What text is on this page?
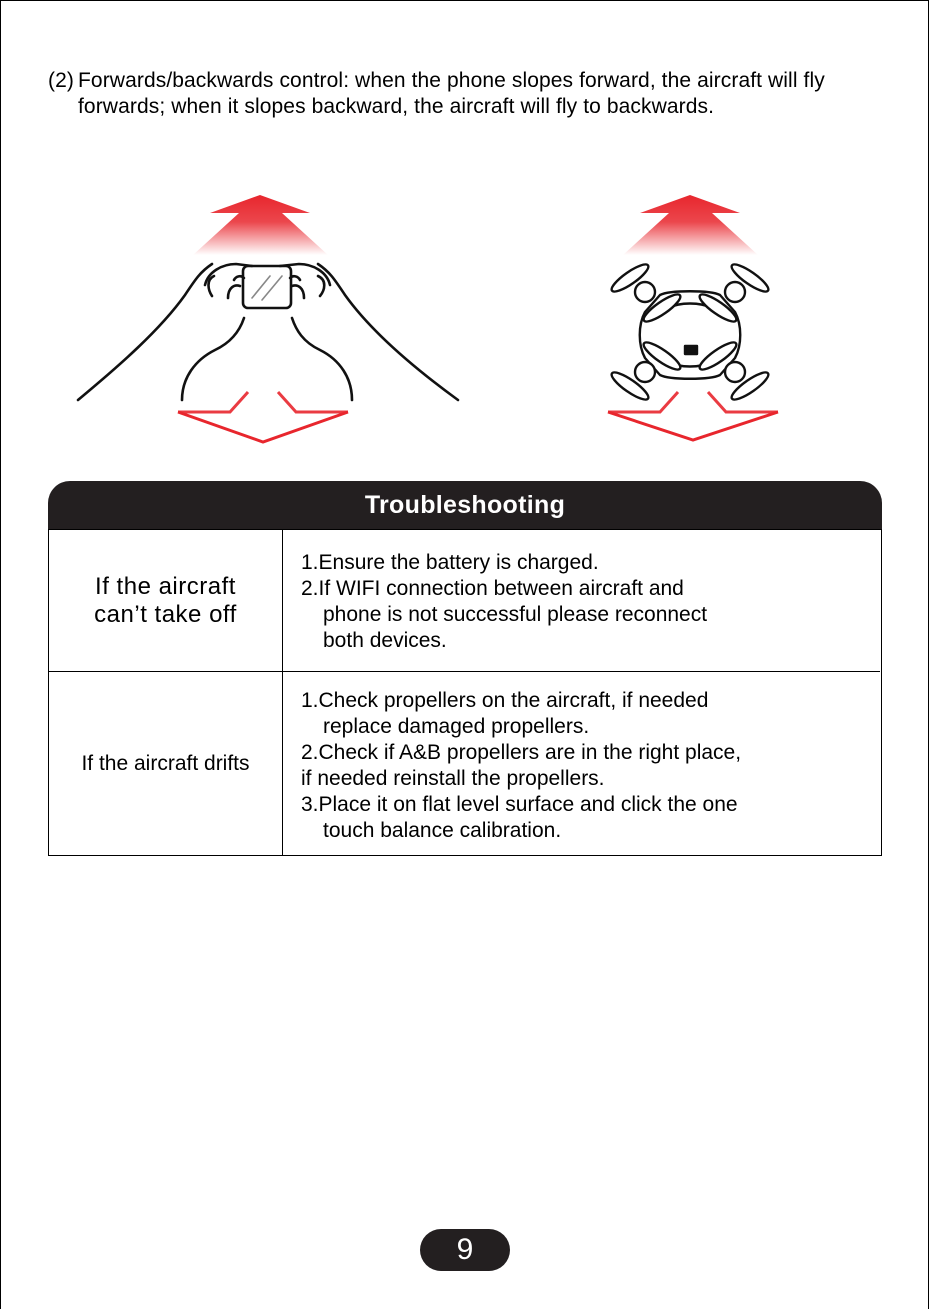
(2) Forwards/backwards control: when the phone slopes forward, the aircraft will fly forwards; when it slopes backward, the aircraft will fly to backwards.
Troubleshooting
If the aircraft
can’t take off
1.Ensure the battery is charged.
2.If WIFI connection between aircraft and
phone is not successful please reconnect
both devices.
If the aircraft drifts
1.Check propellers on the aircraft, if needed
replace damaged propellers.
2.Check if A&B propellers are in the right place,
if needed reinstall the propellers.
3.Place it on flat level surface and click the one
touch balance calibration.
9
